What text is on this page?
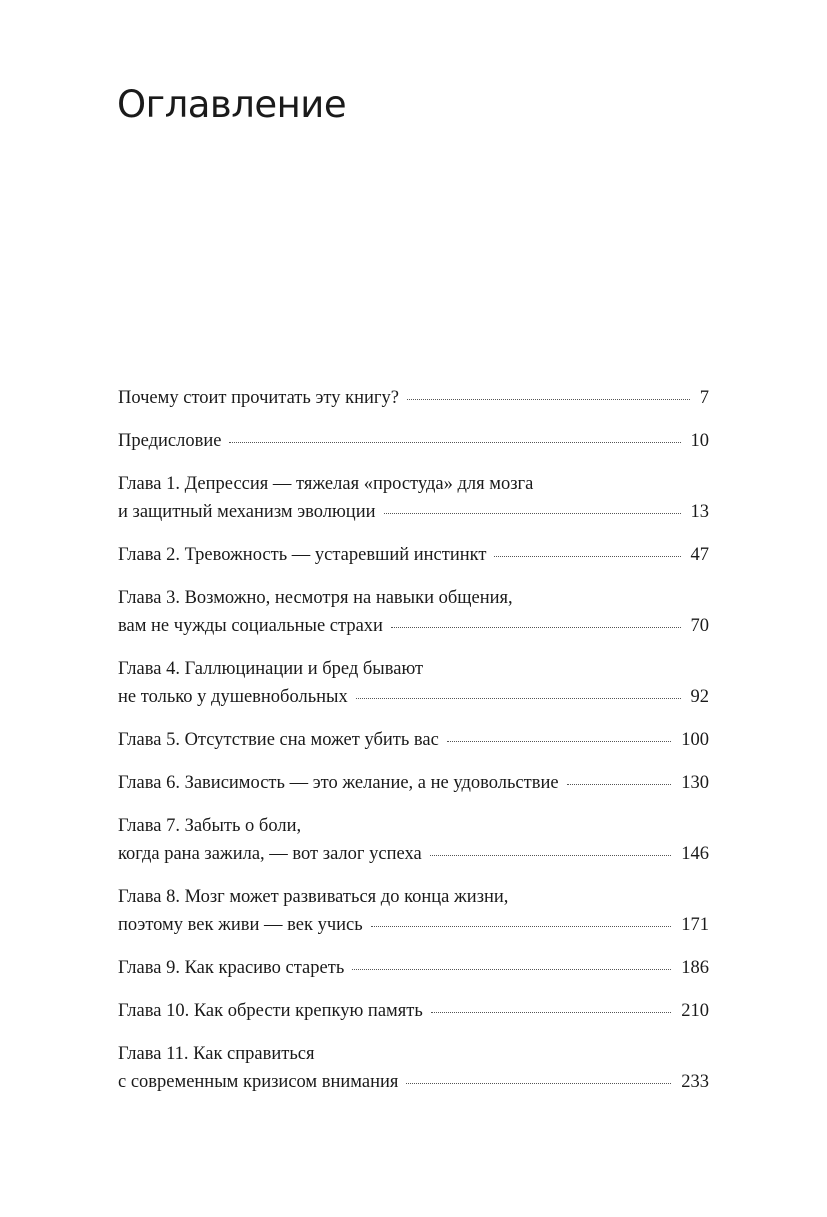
Оглавление
Почему стоит прочитать эту книгу?	7
Предисловие	10
Глава 1. Депрессия — тяжелая «простуда» для мозга
и защитный механизм эволюции	13
Глава 2. Тревожность — устаревший инстинкт	47
Глава 3. Возможно, несмотря на навыки общения,
вам не чужды социальные страхи	70
Глава 4. Галлюцинации и бред бывают
не только у душевнобольных	92
Глава 5. Отсутствие сна может убить вас	100
Глава 6. Зависимость — это желание, а не удовольствие	130
Глава 7. Забыть о боли,
когда рана зажила, — вот залог успеха	146
Глава 8. Мозг может развиваться до конца жизни,
поэтому век живи — век учись	171
Глава 9. Как красиво стареть	186
Глава 10. Как обрести крепкую память	210
Глава 11. Как справиться
с современным кризисом внимания	233
